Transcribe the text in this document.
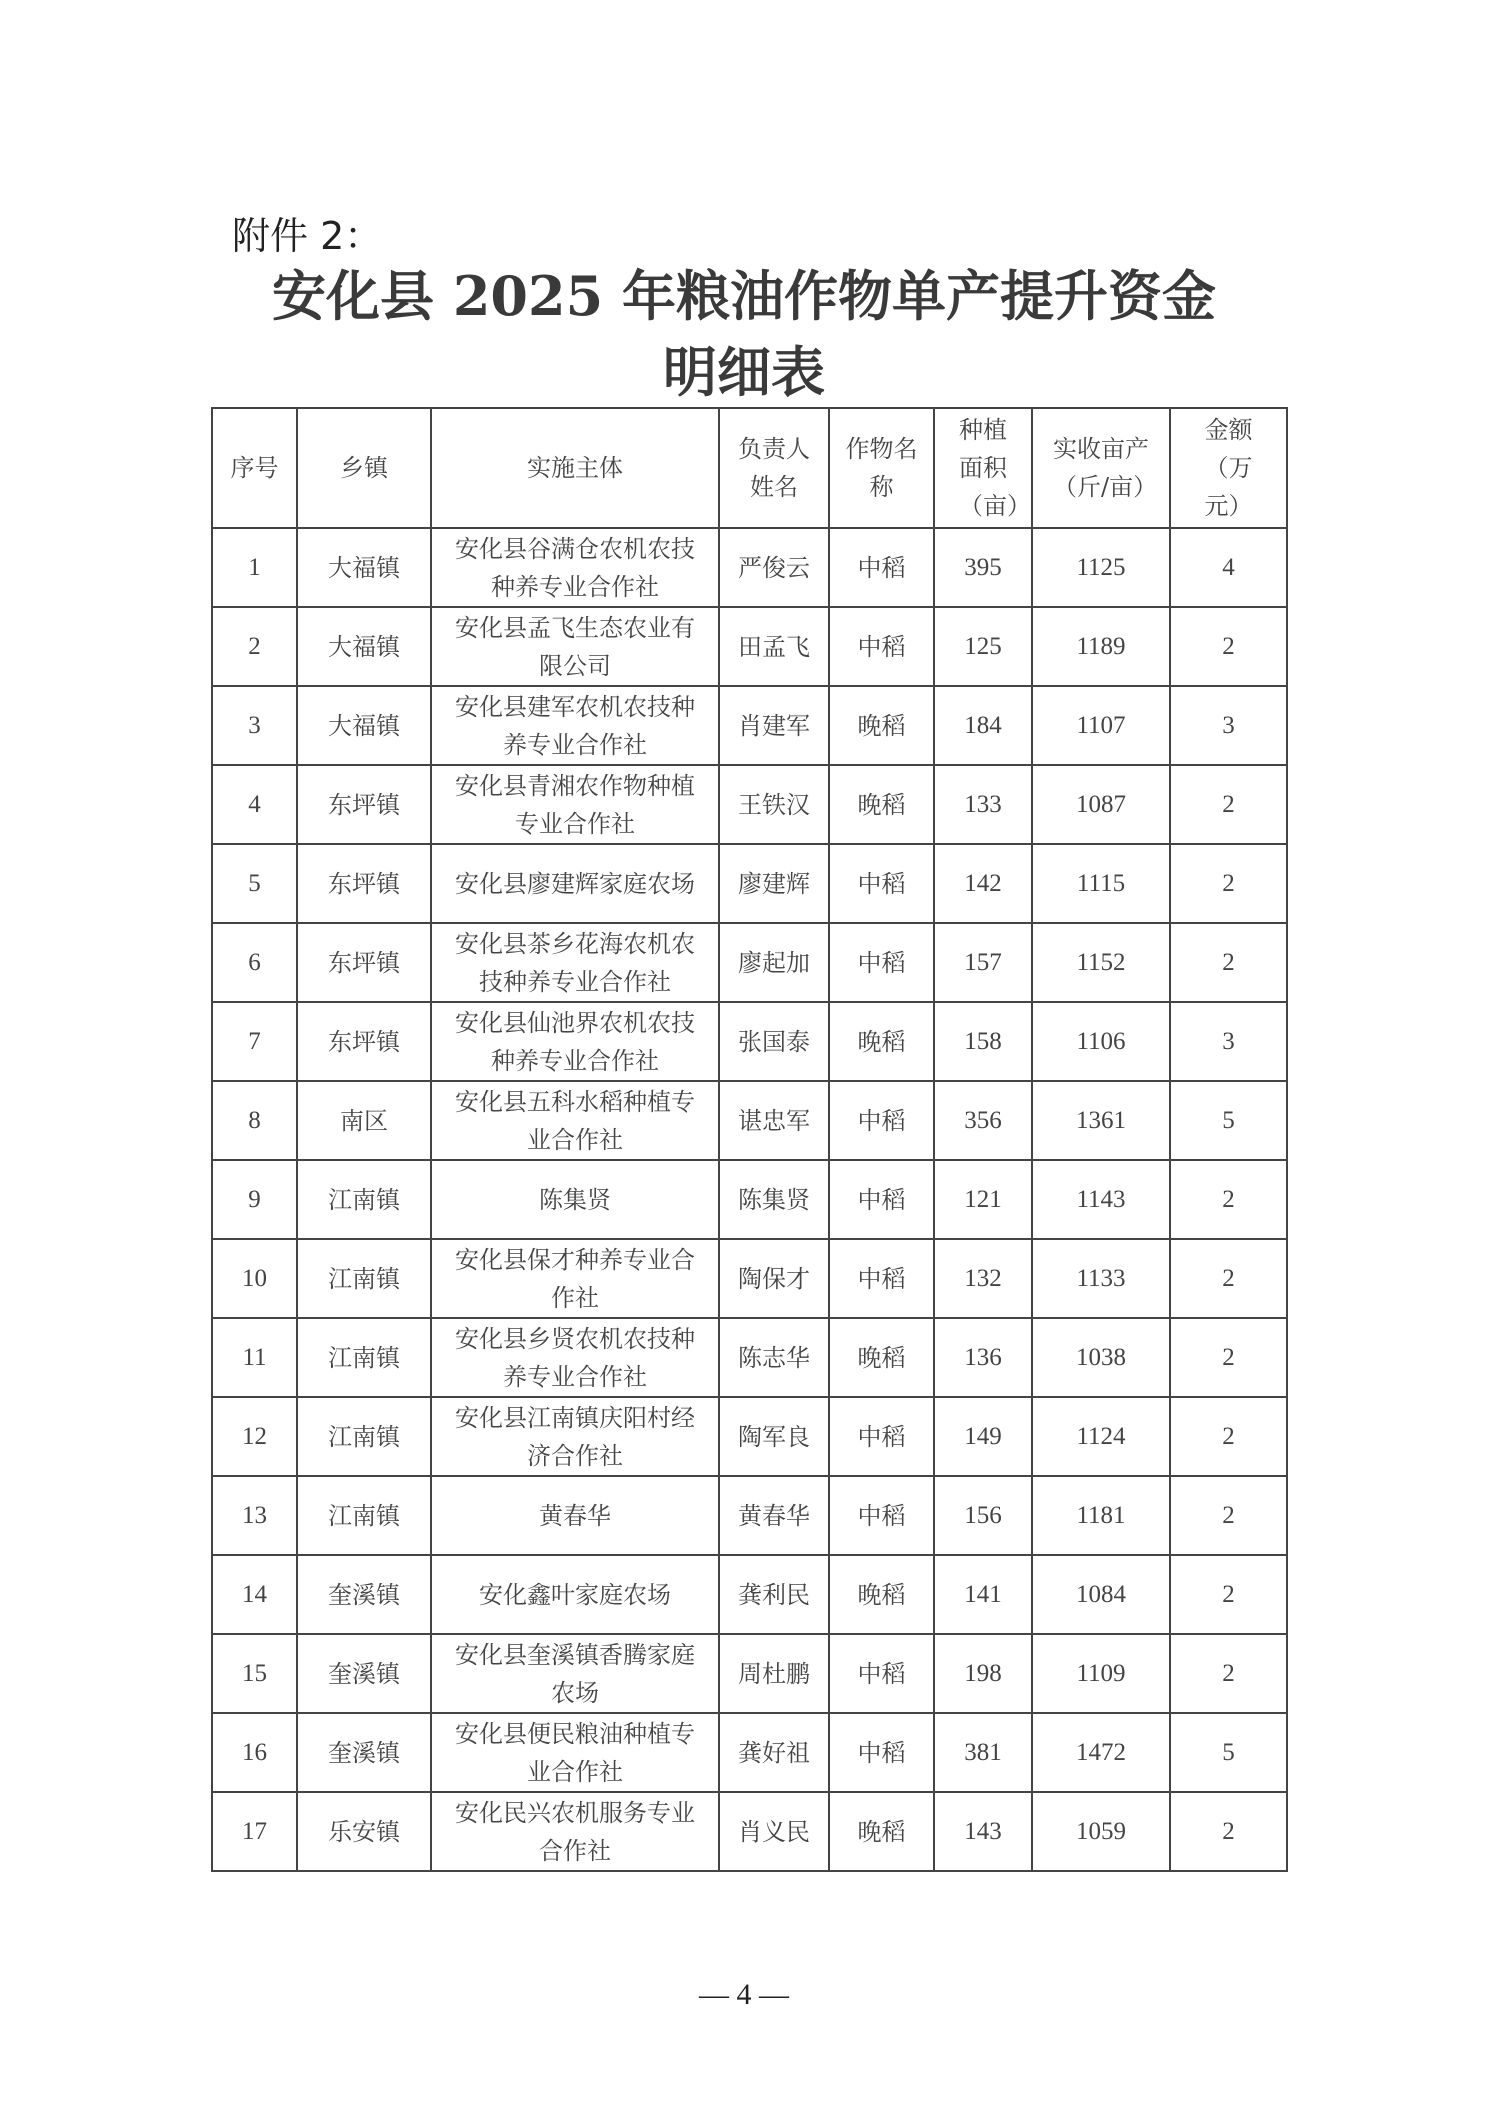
附件 2：
安化县 2025 年粮油作物单产提升资金
明细表
序号	乡镇	实施主体	负责人姓名	作物名称	种植面积（亩）	实收亩产（斤/亩）	金额（万元）

1	大福镇	安化县谷满仓农机农技种养专业合作社	严俊云	中稻	395	1125	4
2	大福镇	安化县孟飞生态农业有限公司	田孟飞	中稻	125	1189	2
3	大福镇	安化县建军农机农技种养专业合作社	肖建军	晚稻	184	1107	3
4	东坪镇	安化县青湘农作物种植专业合作社	王铁汉	晚稻	133	1087	2
5	东坪镇	安化县廖建辉家庭农场	廖建辉	中稻	142	1115	2
6	东坪镇	安化县茶乡花海农机农技种养专业合作社	廖起加	中稻	157	1152	2
7	东坪镇	安化县仙池界农机农技种养专业合作社	张国泰	晚稻	158	1106	3
8	南区	安化县五科水稻种植专业合作社	谌忠军	中稻	356	1361	5
9	江南镇	陈集贤	陈集贤	中稻	121	1143	2
10	江南镇	安化县保才种养专业合作社	陶保才	中稻	132	1133	2
11	江南镇	安化县乡贤农机农技种养专业合作社	陈志华	晚稻	136	1038	2
12	江南镇	安化县江南镇庆阳村经济合作社	陶军良	中稻	149	1124	2
13	江南镇	黄春华	黄春华	中稻	156	1181	2
14	奎溪镇	安化鑫叶家庭农场	龚利民	晚稻	141	1084	2
15	奎溪镇	安化县奎溪镇香腾家庭农场	周杜鹏	中稻	198	1109	2
16	奎溪镇	安化县便民粮油种植专业合作社	龚好祖	中稻	381	1472	5
17	乐安镇	安化民兴农机服务专业合作社	肖义民	晚稻	143	1059	2
— 4 —
